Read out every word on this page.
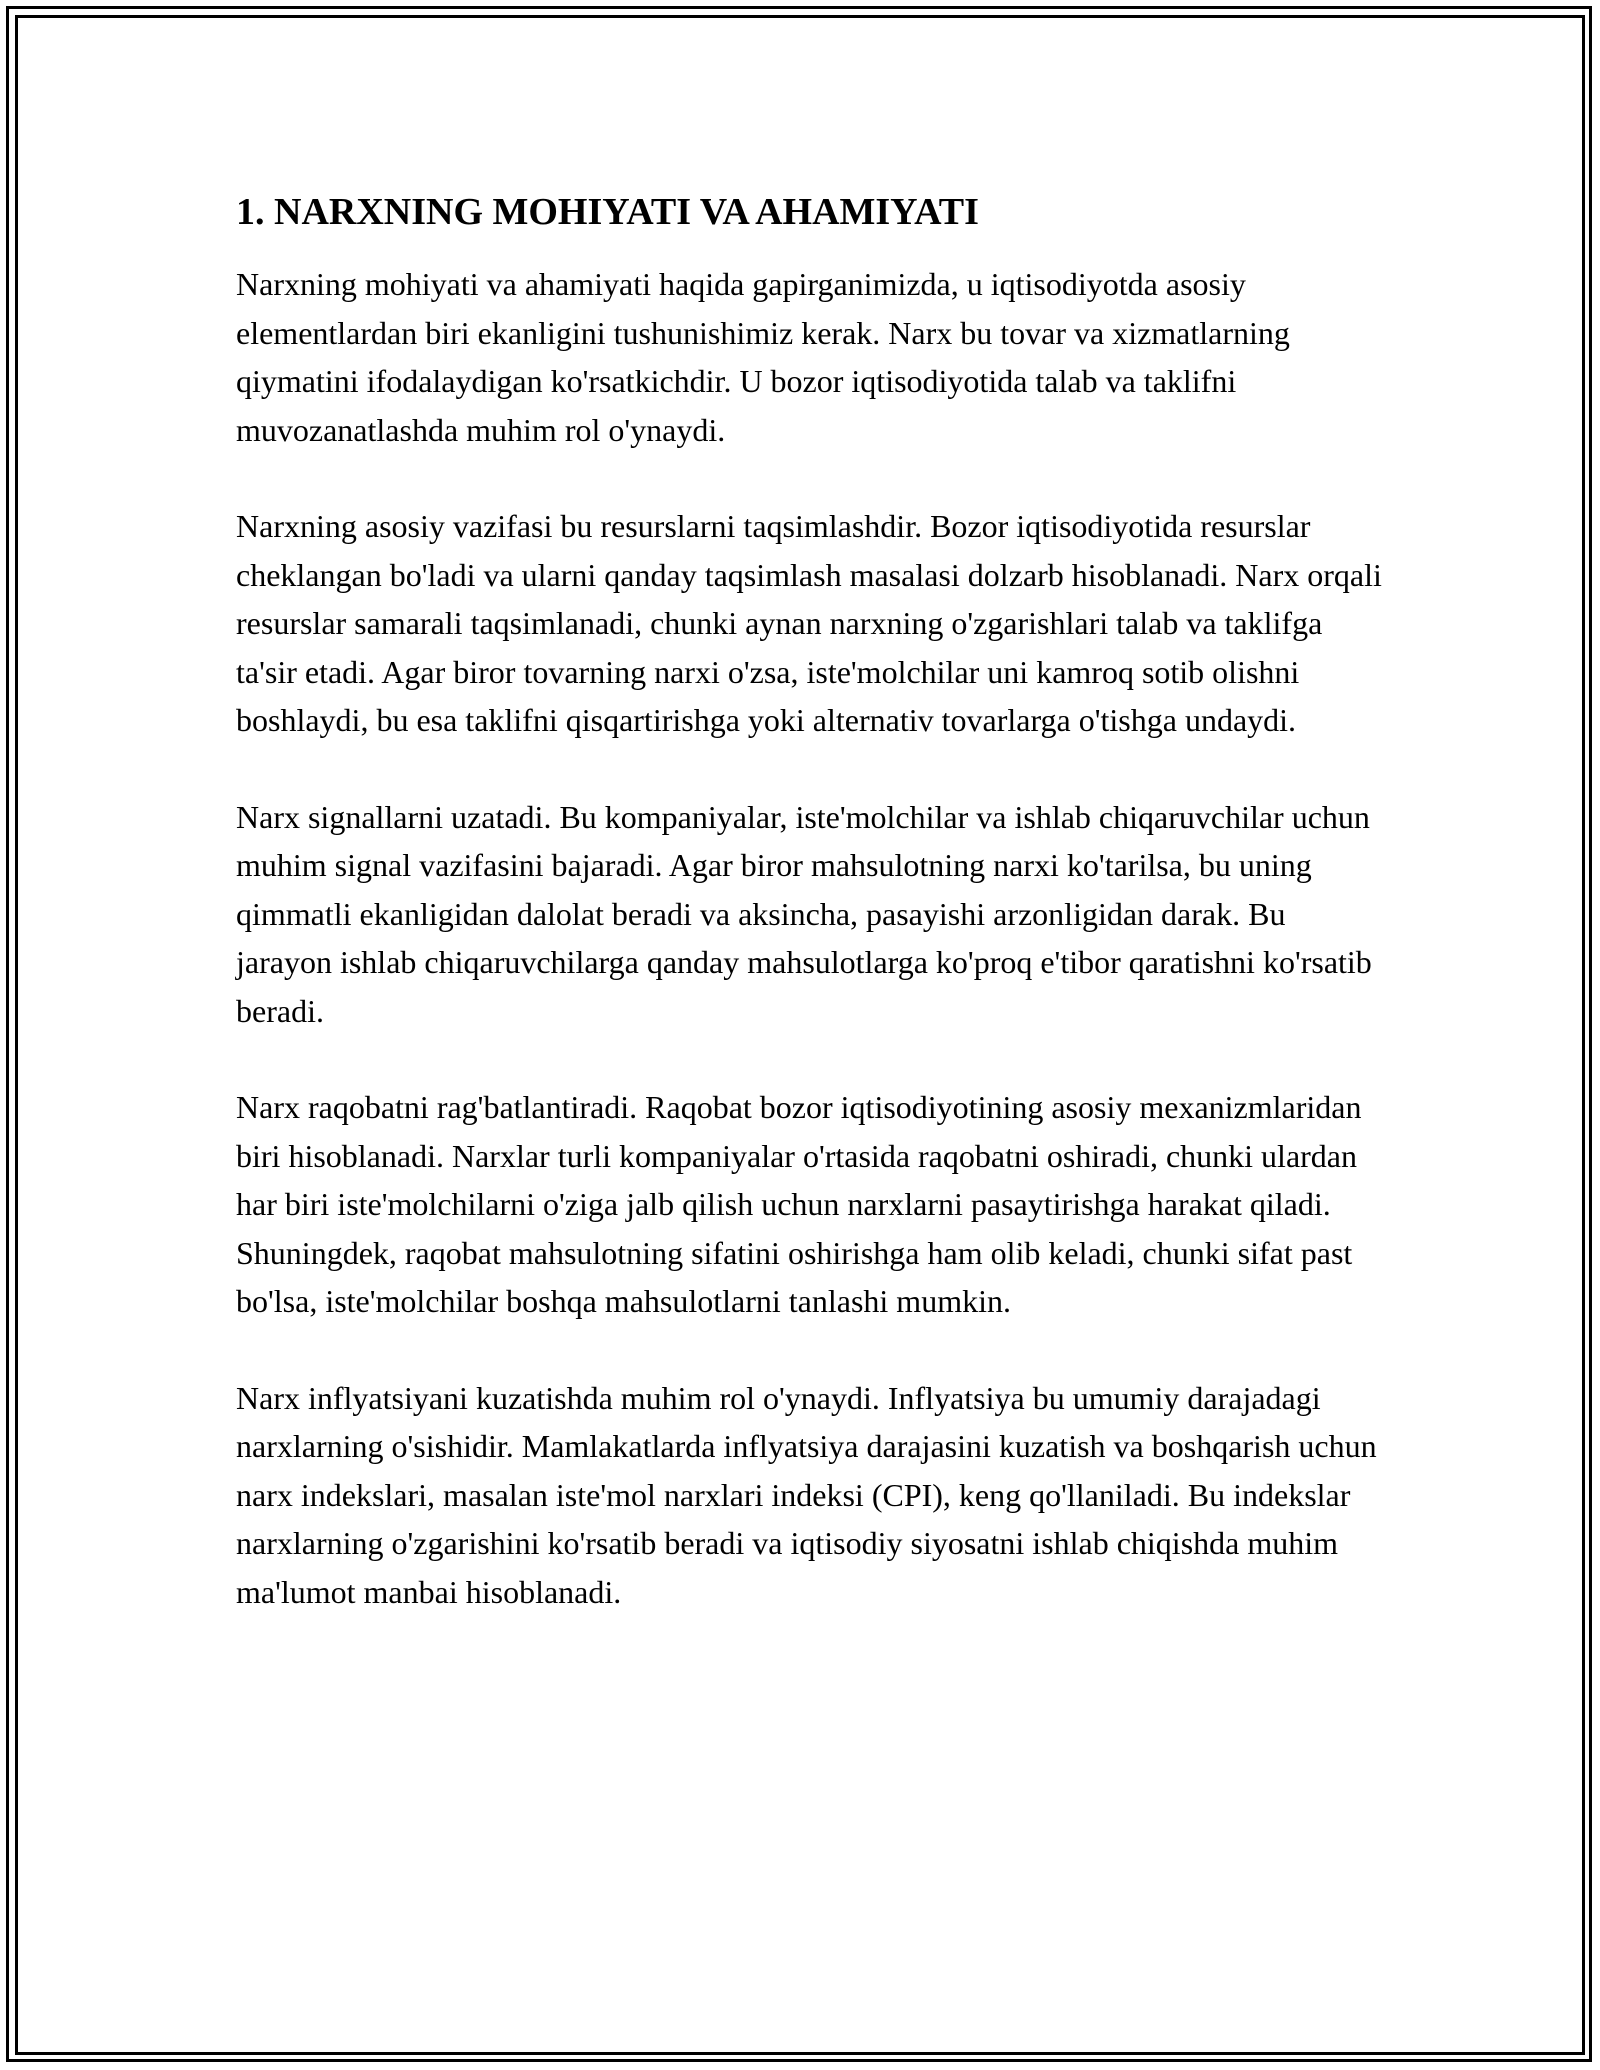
1. NARXNING MOHIYATI VA AHAMIYATI

Narxning mohiyati va ahamiyati haqida gapirganimizda, u iqtisodiyotda asosiy elementlardan biri ekanligini tushunishimiz kerak. Narx bu tovar va xizmatlarning qiymatini ifodalaydigan ko'rsatkichdir. U bozor iqtisodiyotida talab va taklifni muvozanatlashda muhim rol o'ynaydi.

Narxning asosiy vazifasi bu resurslarni taqsimlashdir. Bozor iqtisodiyotida resurslar cheklangan bo'ladi va ularni qanday taqsimlash masalasi dolzarb hisoblanadi. Narx orqali resurslar samarali taqsimlanadi, chunki aynan narxning o'zgarishlari talab va taklifga ta'sir etadi. Agar biror tovarning narxi o'zsa, iste'molchilar uni kamroq sotib olishni boshlaydi, bu esa taklifni qisqartirishga yoki alternativ tovarlarga o'tishga undaydi.

Narx signallarni uzatadi. Bu kompaniyalar, iste'molchilar va ishlab chiqaruvchilar uchun muhim signal vazifasini bajaradi. Agar biror mahsulotning narxi ko'tarilsa, bu uning qimmatli ekanligidan dalolat beradi va aksincha, pasayishi arzonligidan darak. Bu jarayon ishlab chiqaruvchilarga qanday mahsulotlarga ko'proq e'tibor qaratishni ko'rsatib beradi.

Narx raqobatni rag'batlantiradi. Raqobat bozor iqtisodiyotining asosiy mexanizmlaridan biri hisoblanadi. Narxlar turli kompaniyalar o'rtasida raqobatni oshiradi, chunki ulardan har biri iste'molchilarni o'ziga jalb qilish uchun narxlarni pasaytirishga harakat qiladi. Shuningdek, raqobat mahsulotning sifatini oshirishga ham olib keladi, chunki sifat past bo'lsa, iste'molchilar boshqa mahsulotlarni tanlashi mumkin.

Narx inflyatsiyani kuzatishda muhim rol o'ynaydi. Inflyatsiya bu umumiy darajadagi narxlarning o'sishidir. Mamlakatlarda inflyatsiya darajasini kuzatish va boshqarish uchun narx indekslari, masalan iste'mol narxlari indeksi (CPI), keng qo'llaniladi. Bu indekslar narxlarning o'zgarishini ko'rsatib beradi va iqtisodiy siyosatni ishlab chiqishda muhim ma'lumot manbai hisoblanadi.
